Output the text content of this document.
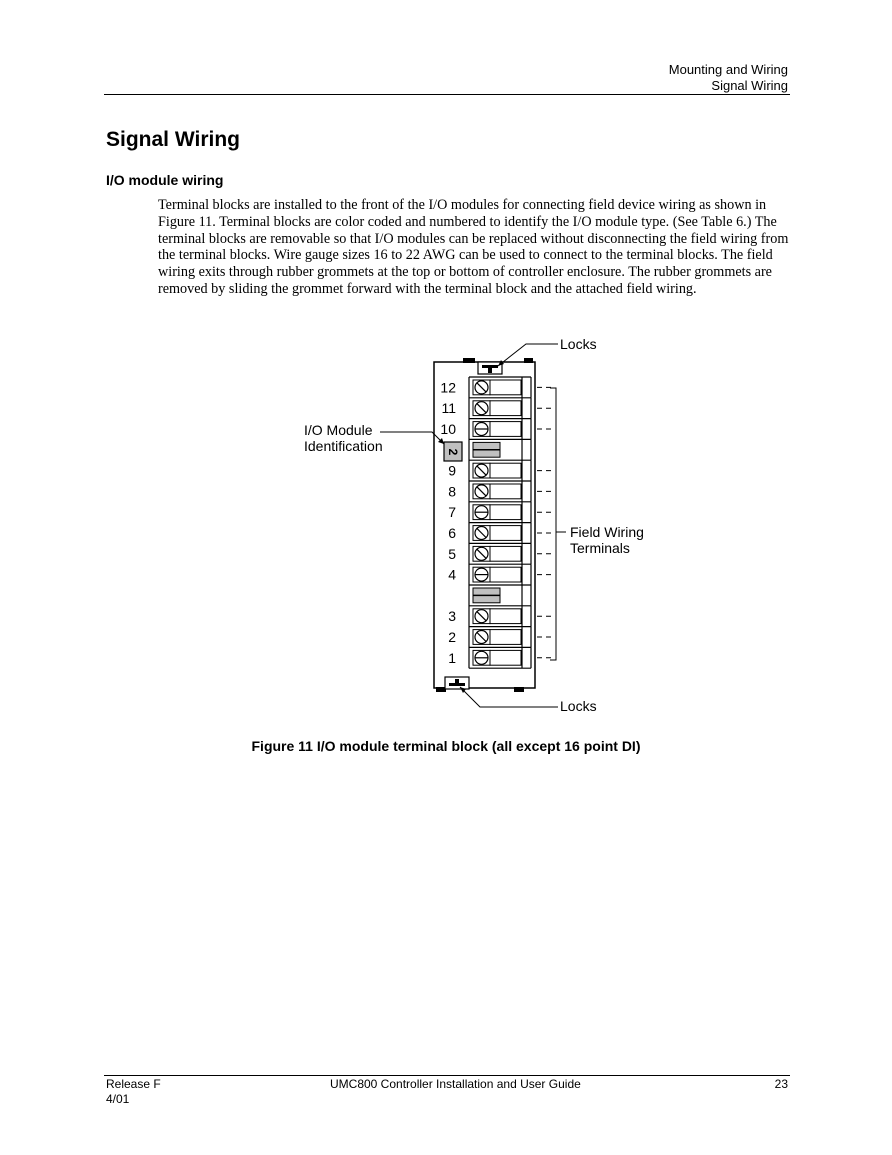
Mounting and Wiring
Signal Wiring
Signal Wiring
I/O module wiring

Terminal blocks are installed to the front of the I/O modules for connecting field device wiring as shown in Figure 11. Terminal blocks are color coded and numbered to identify the I/O module type. (See Table 6.) The terminal blocks are removable so that I/O modules can be replaced without disconnecting the field wiring from the terminal blocks. Wire gauge sizes 16 to 22 AWG can be used to connect to the terminal blocks. The field wiring exits through rubber grommets at the top or bottom of controller enclosure. The rubber grommets are removed by sliding the grommet forward with the terminal block and the attached field wiring.

2
12
11
10
9
8
7
6
5
4
3
2
1
Locks
Locks
I/O Module
Identification
Field Wiring
Terminals
Figure 11 I/O module terminal block (all except 16 point DI)
Release F
4/01
UMC800 Controller Installation and User Guide	23
